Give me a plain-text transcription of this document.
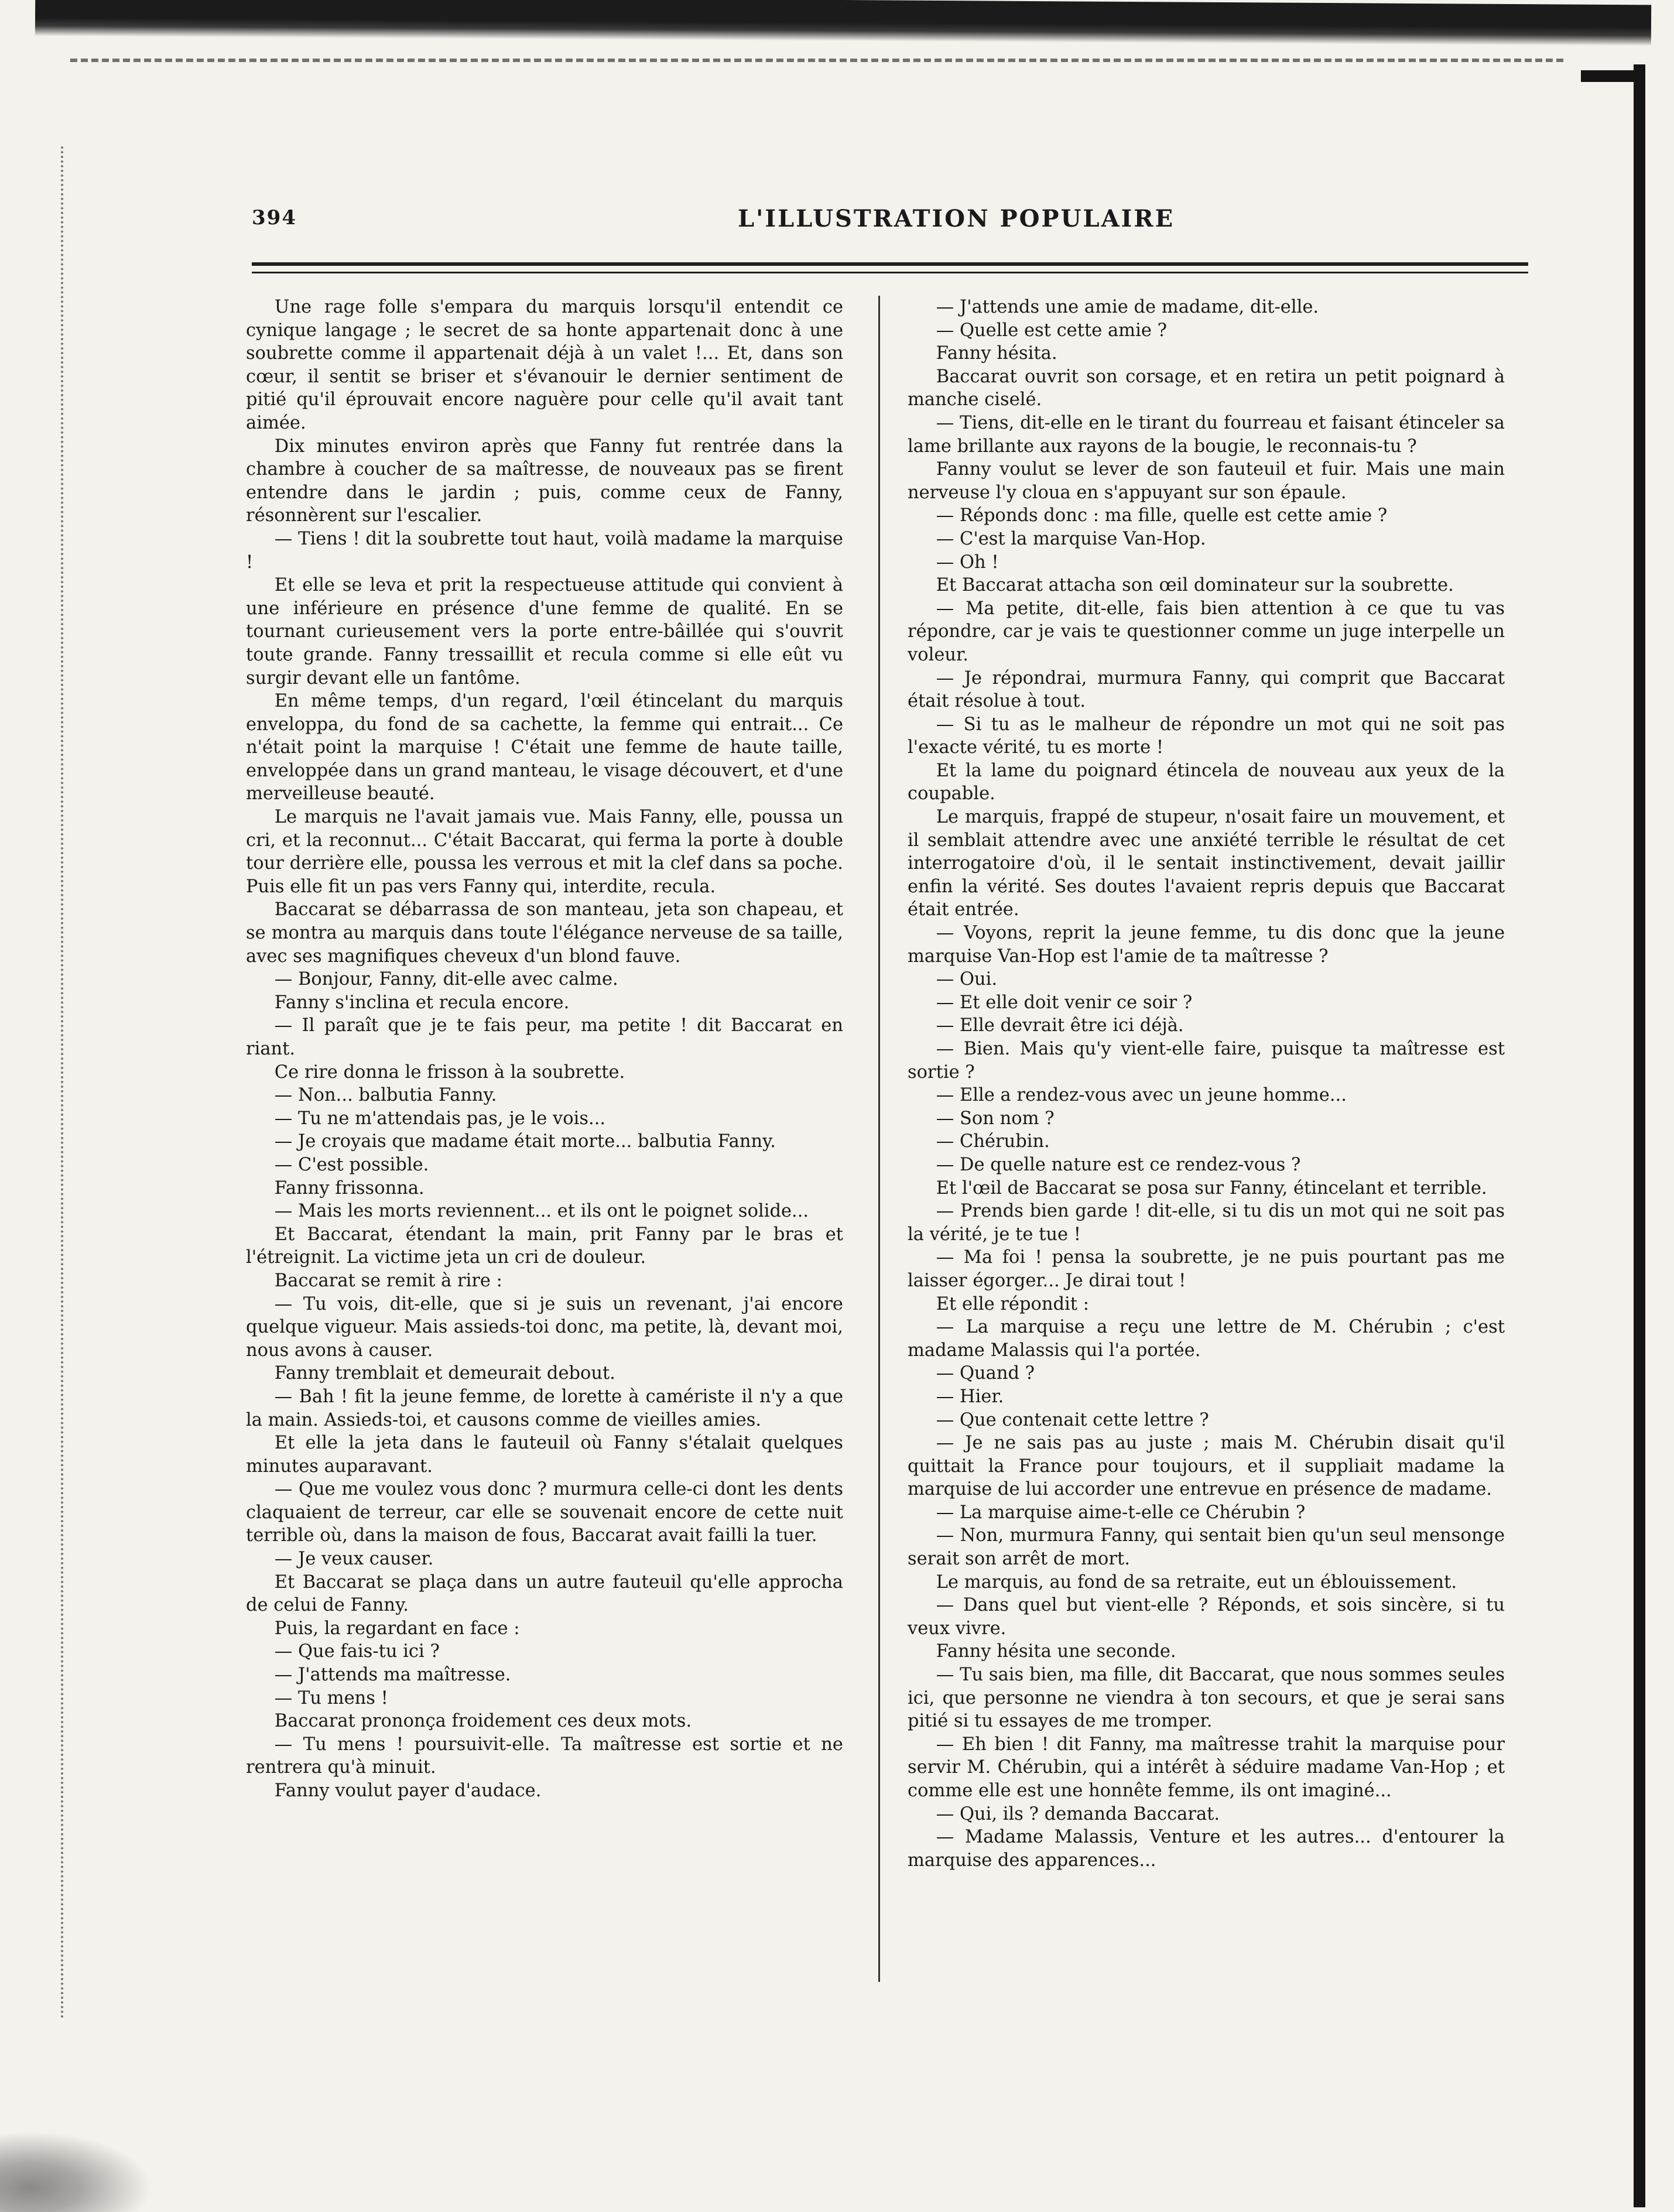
394	L'ILLUSTRATION POPULAIRE

Une rage folle s'empara du marquis lorsqu'il entendit ce cynique langage ; le secret de sa honte appartenait donc à une soubrette comme il appartenait déjà à un valet !... Et, dans son cœur, il sentit se briser et s'évanouir le dernier sentiment de pitié qu'il éprouvait encore naguère pour celle qu'il avait tant aimée.

Dix minutes environ après que Fanny fut rentrée dans la chambre à coucher de sa maîtresse, de nouveaux pas se firent entendre dans le jardin ; puis, comme ceux de Fanny, résonnèrent sur l'escalier.

— Tiens ! dit la soubrette tout haut, voilà madame la marquise !

Et elle se leva et prit la respectueuse attitude qui convient à une inférieure en présence d'une femme de qualité. En se tournant curieusement vers la porte entre-bâillée qui s'ouvrit toute grande. Fanny tressaillit et recula comme si elle eût vu surgir devant elle un fantôme.

En même temps, d'un regard, l'œil étincelant du marquis enveloppa, du fond de sa cachette, la femme qui entrait... Ce n'était point la marquise ! C'était une femme de haute taille, enveloppée dans un grand manteau, le visage découvert, et d'une merveilleuse beauté.

Le marquis ne l'avait jamais vue. Mais Fanny, elle, poussa un cri, et la reconnut... C'était Baccarat, qui ferma la porte à double tour derrière elle, poussa les verrous et mit la clef dans sa poche. Puis elle fit un pas vers Fanny qui, interdite, recula.

Baccarat se débarrassa de son manteau, jeta son chapeau, et se montra au marquis dans toute l'élégance nerveuse de sa taille, avec ses magnifiques cheveux d'un blond fauve.

— Bonjour, Fanny, dit-elle avec calme.

Fanny s'inclina et recula encore.

— Il paraît que je te fais peur, ma petite ! dit Baccarat en riant.

Ce rire donna le frisson à la soubrette.

— Non... balbutia Fanny.

— Tu ne m'attendais pas, je le vois...

— Je croyais que madame était morte... balbutia Fanny.

— C'est possible.

Fanny frissonna.

— Mais les morts reviennent... et ils ont le poignet solide...

Et Baccarat, étendant la main, prit Fanny par le bras et l'étreignit. La victime jeta un cri de douleur.

Baccarat se remit à rire :

— Tu vois, dit-elle, que si je suis un revenant, j'ai encore quelque vigueur. Mais assieds-toi donc, ma petite, là, devant moi, nous avons à causer.

Fanny tremblait et demeurait debout.

— Bah ! fit la jeune femme, de lorette à camériste il n'y a que la main. Assieds-toi, et causons comme de vieilles amies.

Et elle la jeta dans le fauteuil où Fanny s'étalait quelques minutes auparavant.

— Que me voulez vous donc ? murmura celle-ci dont les dents claquaient de terreur, car elle se souvenait encore de cette nuit terrible où, dans la maison de fous, Baccarat avait failli la tuer.

— Je veux causer.

Et Baccarat se plaça dans un autre fauteuil qu'elle approcha de celui de Fanny.

Puis, la regardant en face :

— Que fais-tu ici ?

— J'attends ma maîtresse.

— Tu mens !

Baccarat prononça froidement ces deux mots.

— Tu mens ! poursuivit-elle. Ta maîtresse est sortie et ne rentrera qu'à minuit.

Fanny voulut payer d'audace.

— J'attends une amie de madame, dit-elle.

— Quelle est cette amie ?

Fanny hésita.

Baccarat ouvrit son corsage, et en retira un petit poignard à manche ciselé.

— Tiens, dit-elle en le tirant du fourreau et faisant étinceler sa lame brillante aux rayons de la bougie, le reconnais-tu ?

Fanny voulut se lever de son fauteuil et fuir. Mais une main nerveuse l'y cloua en s'appuyant sur son épaule.

— Réponds donc : ma fille, quelle est cette amie ?

— C'est la marquise Van-Hop.

— Oh !

Et Baccarat attacha son œil dominateur sur la soubrette.

— Ma petite, dit-elle, fais bien attention à ce que tu vas répondre, car je vais te questionner comme un juge interpelle un voleur.

— Je répondrai, murmura Fanny, qui comprit que Baccarat était résolue à tout.

— Si tu as le malheur de répondre un mot qui ne soit pas l'exacte vérité, tu es morte !

Et la lame du poignard étincela de nouveau aux yeux de la coupable.

Le marquis, frappé de stupeur, n'osait faire un mouvement, et il semblait attendre avec une anxiété terrible le résultat de cet interrogatoire d'où, il le sentait instinctivement, devait jaillir enfin la vérité. Ses doutes l'avaient repris depuis que Baccarat était entrée.

— Voyons, reprit la jeune femme, tu dis donc que la jeune marquise Van-Hop est l'amie de ta maîtresse ?

— Oui.

— Et elle doit venir ce soir ?

— Elle devrait être ici déjà.

— Bien. Mais qu'y vient-elle faire, puisque ta maîtresse est sortie ?

— Elle a rendez-vous avec un jeune homme...

— Son nom ?

— Chérubin.

— De quelle nature est ce rendez-vous ?

Et l'œil de Baccarat se posa sur Fanny, étincelant et terrible.

— Prends bien garde ! dit-elle, si tu dis un mot qui ne soit pas la vérité, je te tue !

— Ma foi ! pensa la soubrette, je ne puis pourtant pas me laisser égorger... Je dirai tout !

Et elle répondit :

— La marquise a reçu une lettre de M. Chérubin ; c'est madame Malassis qui l'a portée.

— Quand ?

— Hier.

— Que contenait cette lettre ?

— Je ne sais pas au juste ; mais M. Chérubin disait qu'il quittait la France pour toujours, et il suppliait madame la marquise de lui accorder une entrevue en présence de madame.

— La marquise aime-t-elle ce Chérubin ?

— Non, murmura Fanny, qui sentait bien qu'un seul mensonge serait son arrêt de mort.

Le marquis, au fond de sa retraite, eut un éblouissement.

— Dans quel but vient-elle ? Réponds, et sois sincère, si tu veux vivre.

Fanny hésita une seconde.

— Tu sais bien, ma fille, dit Baccarat, que nous sommes seules ici, que personne ne viendra à ton secours, et que je serai sans pitié si tu essayes de me tromper.

— Eh bien ! dit Fanny, ma maîtresse trahit la marquise pour servir M. Chérubin, qui a intérêt à séduire madame Van-Hop ; et comme elle est une honnête femme, ils ont imaginé...

— Qui, ils ? demanda Baccarat.

— Madame Malassis, Venture et les autres... d'entourer la marquise des apparences...
